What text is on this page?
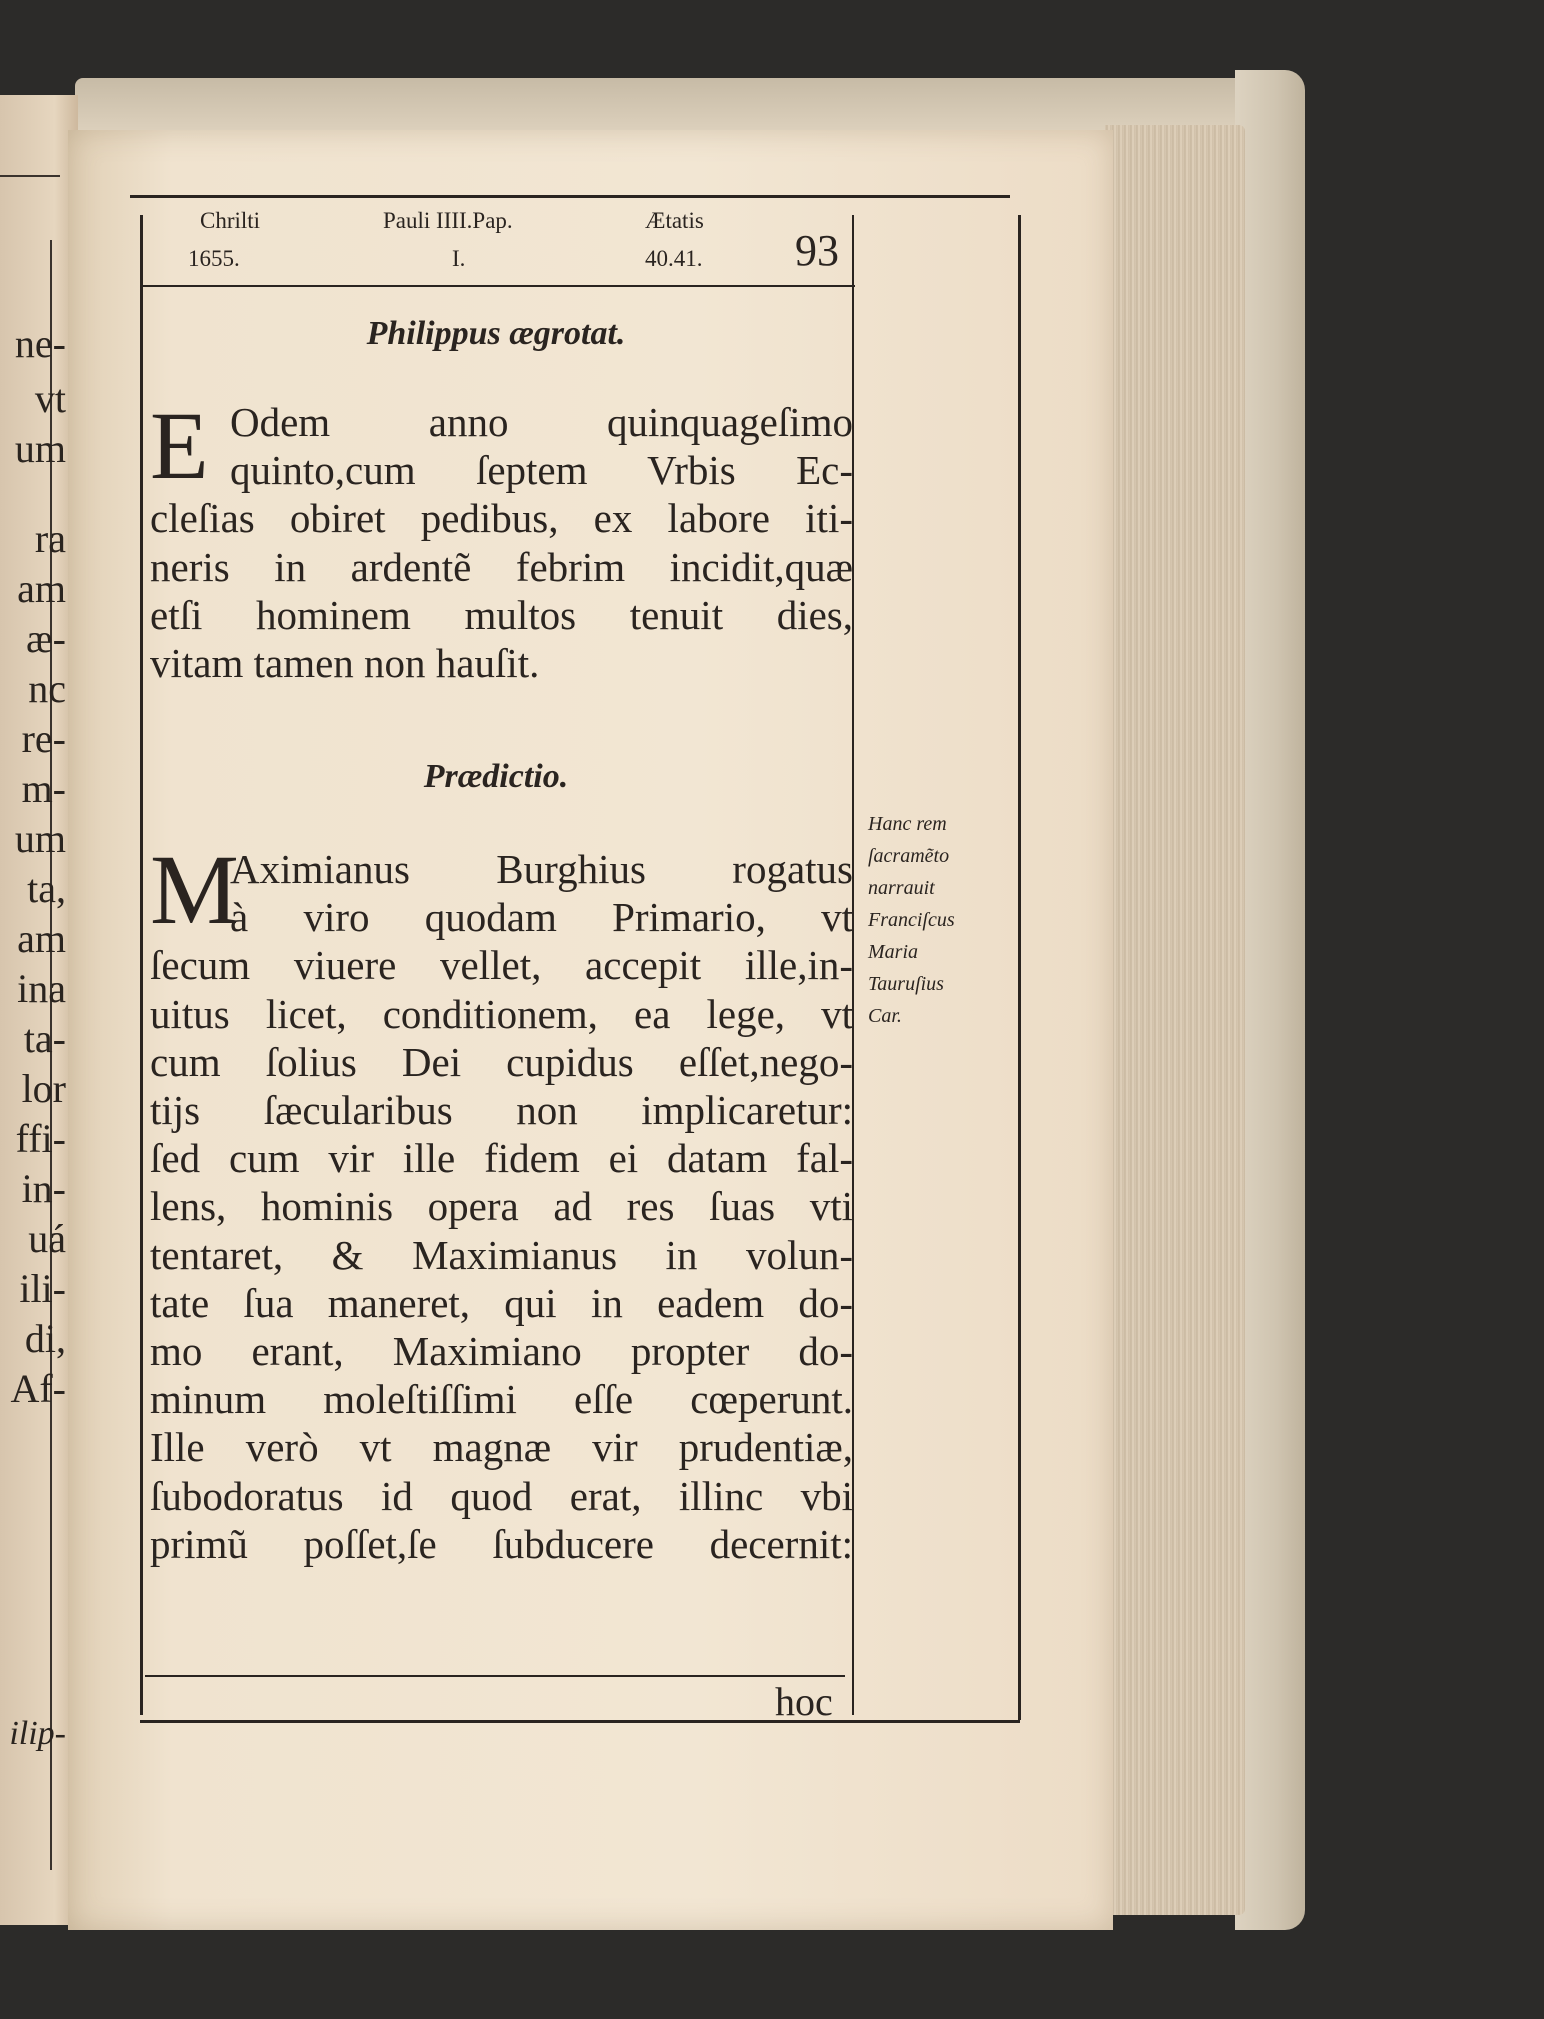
ne-
vt
um
ra
am
æ-
nc
re-
m-
um
ta,
am
ina
ta-
lor
ffi-
in-
uá
ili-
di,
Af-
ilip-
Chrilti
1655.
Pauli IIII.Pap.
I.
Ætatis
40.41. 93
Philippus ægrotat.
E Odem anno quinquageſimo
quinto,cum ſeptem Vrbis Ec-
cleſias obiret pedibus, ex labore iti-
neris in ardentẽ febrim incidit,quæ
etſi hominem multos tenuit dies,
vitam tamen non hauſit.
Prædictio.
M
Aximianus Burghius rogatus
à viro quodam Primario, vt
ſecum viuere vellet, accepit ille,in-
uitus licet, conditionem, ea lege, vt
cum ſolius Dei cupidus eſſet,nego-
tijs ſæcularibus non implicaretur:
ſed cum vir ille fidem ei datam fal-
lens, hominis opera ad res ſuas vti
tentaret, & Maximianus in volun-
tate ſua maneret, qui in eadem do-
mo erant, Maximiano propter do-
minum moleſtiſſimi eſſe cœperunt.
Ille verò vt magnæ vir prudentiæ,
ſubodoratus id quod erat, illinc vbi
primũ poſſet,ſe ſubducere decernit:
Hanc rem
ſacramẽto
narrauit
Franciſcus
Maria
Tauruſius
Car.
hoc
